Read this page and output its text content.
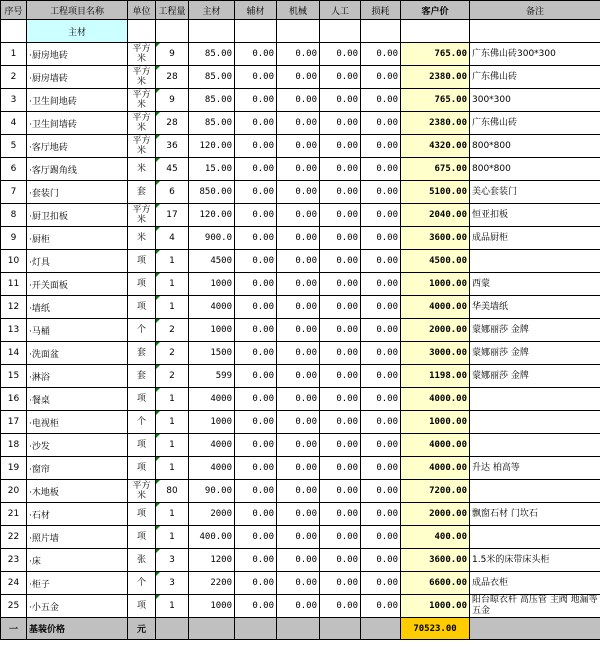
序号	工程项目名称	单位	工程量	主材	辅材	机械	人工	损耗	客户价	备注
	主材									
1	·厨房地砖	平方米	9	85.00	0.00	0.00	0.00	0.00	765.00	广东佛山砖300*300
2	·厨房墙砖	平方米	28	85.00	0.00	0.00	0.00	0.00	2380.00	广东佛山砖
3	·卫生间地砖	平方米	9	85.00	0.00	0.00	0.00	0.00	765.00	300*300
4	·卫生间墙砖	平方米	28	85.00	0.00	0.00	0.00	0.00	2380.00	广东佛山砖
5	·客厅地砖	平方米	36	120.00	0.00	0.00	0.00	0.00	4320.00	800*800
6	·客厅踢角线	米	45	15.00	0.00	0.00	0.00	0.00	675.00	800*800
7	·套装门	套	6	850.00	0.00	0.00	0.00	0.00	5100.00	美心套装门
8	·厨卫扣板	平方米	17	120.00	0.00	0.00	0.00	0.00	2040.00	恒亚扣板
9	·厨柜	米	4	900.0	0.00	0.00	0.00	0.00	3600.00	成品厨柜
10	·灯具	项	1	4500	0.00	0.00	0.00	0.00	4500.00	
11	·开关面板	项	1	1000	0.00	0.00	0.00	0.00	1000.00	西蒙
12	·墙纸	项	1	4000	0.00	0.00	0.00	0.00	4000.00	华美墙纸
13	·马桶	个	2	1000	0.00	0.00	0.00	0.00	2000.00	蒙娜丽莎 金牌
14	·洗面盆	套	2	1500	0.00	0.00	0.00	0.00	3000.00	蒙娜丽莎 金牌
15	·淋浴	套	2	599	0.00	0.00	0.00	0.00	1198.00	蒙娜丽莎 金牌
16	·餐桌	项	1	4000	0.00	0.00	0.00	0.00	4000.00	
17	·电视柜	个	1	1000	0.00	0.00	0.00	0.00	1000.00	
18	·沙发	项	1	4000	0.00	0.00	0.00	0.00	4000.00	
19	·窗帘	项	1	4000	0.00	0.00	0.00	0.00	4000.00	升达 柏高等
20	·木地板	平方米	80	90.00	0.00	0.00	0.00	0.00	7200.00	
21	·石材	项	1	2000	0.00	0.00	0.00	0.00	2000.00	飘窗石材 门坎石
22	·照片墙	项	1	400.00	0.00	0.00	0.00	0.00	400.00	
23	·床	张	3	1200	0.00	0.00	0.00	0.00	3600.00	1.5米的床带床头柜
24	·柜子	个	3	2200	0.00	0.00	0.00	0.00	6600.00	成品衣柜
25	·小五金	项	1	1000	0.00	0.00	0.00	0.00	1000.00	阳台晾衣杆 高压管 主阀 地漏等五金
一	基装价格	元							70523.00	
